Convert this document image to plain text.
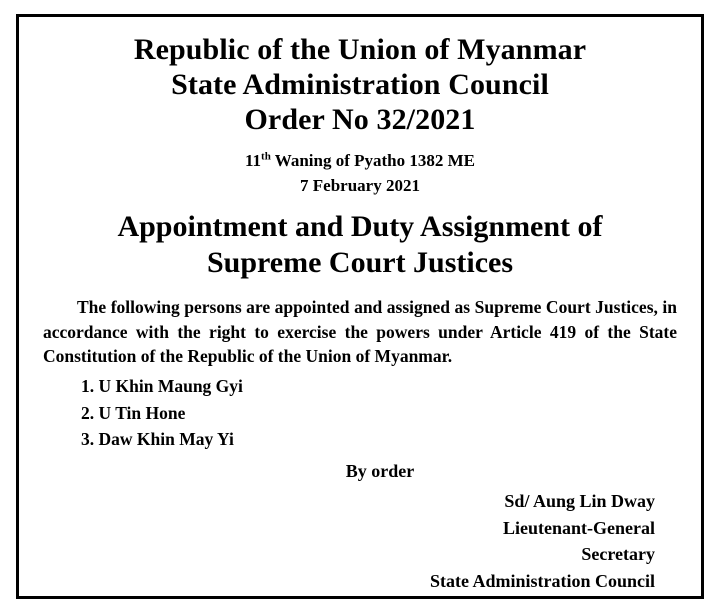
Republic of the Union of Myanmar
State Administration Council
Order No 32/2021
11th Waning of Pyatho 1382 ME
7 February 2021
Appointment and Duty Assignment of
Supreme Court Justices
The following persons are appointed and assigned as Supreme Court Justices, in accordance with the right to exercise the powers under Article 419 of the State Constitution of the Republic of the Union of Myanmar.
1. U Khin Maung Gyi
2. U Tin Hone
3. Daw Khin May Yi
By order
Sd/ Aung Lin Dway
Lieutenant-General
Secretary
State Administration Council
